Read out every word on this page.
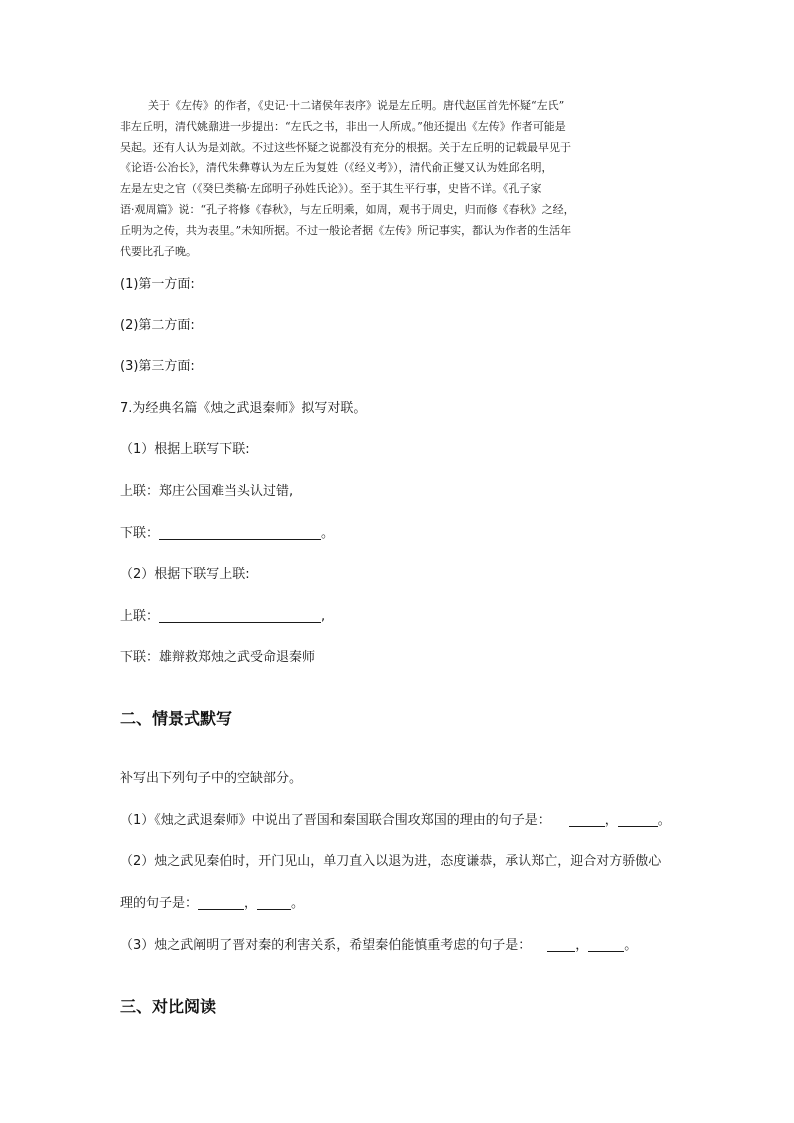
关于《左传》的作者，《史记·十二诸侯年表序》说是左丘明。唐代赵匡首先怀疑“左氏”
非左丘明，清代姚鼐进一步提出：“左氏之书，非出一人所成。”他还提出《左传》作者可能是
吴起。还有人认为是刘歆。不过这些怀疑之说都没有充分的根据。关于左丘明的记载最早见于
《论语·公冶长》，清代朱彝尊认为左丘为复姓（《经义考》），清代俞正燮又认为姓邱名明，
左是左史之官（《癸巳类稿·左邱明子孙姓氏论》）。至于其生平行事，史皆不详。《孔子家
语·观周篇》说：“孔子将修《春秋》，与左丘明乘，如周，观书于周史，归而修《春秋》之经，
丘明为之传，共为表里。”未知所据。不过一般论者据《左传》所记事实，都认为作者的生活年
代要比孔子晚。
(1)第一方面:
(2)第二方面:
(3)第三方面:
7.为经典名篇《烛之武退秦师》拟写对联。
（1）根据上联写下联:
上联：郑庄公国难当头认过错,
下联：	。
（2）根据下联写上联:
上联：	,
下联：雄辩救郑烛之武受命退秦师
二、情景式默写
补写出下列句子中的空缺部分。
（1）《烛之武退秦师》中说出了晋国和秦国联合围攻郑国的理由的句子是：	，	。
（2）烛之武见秦伯时，开门见山，单刀直入以退为进，态度谦恭，承认郑亡，迎合对方骄傲心
理的句子是：	，	。
（3）烛之武阐明了晋对秦的利害关系，希望秦伯能慎重考虑的句子是：	，	。
三、对比阅读
